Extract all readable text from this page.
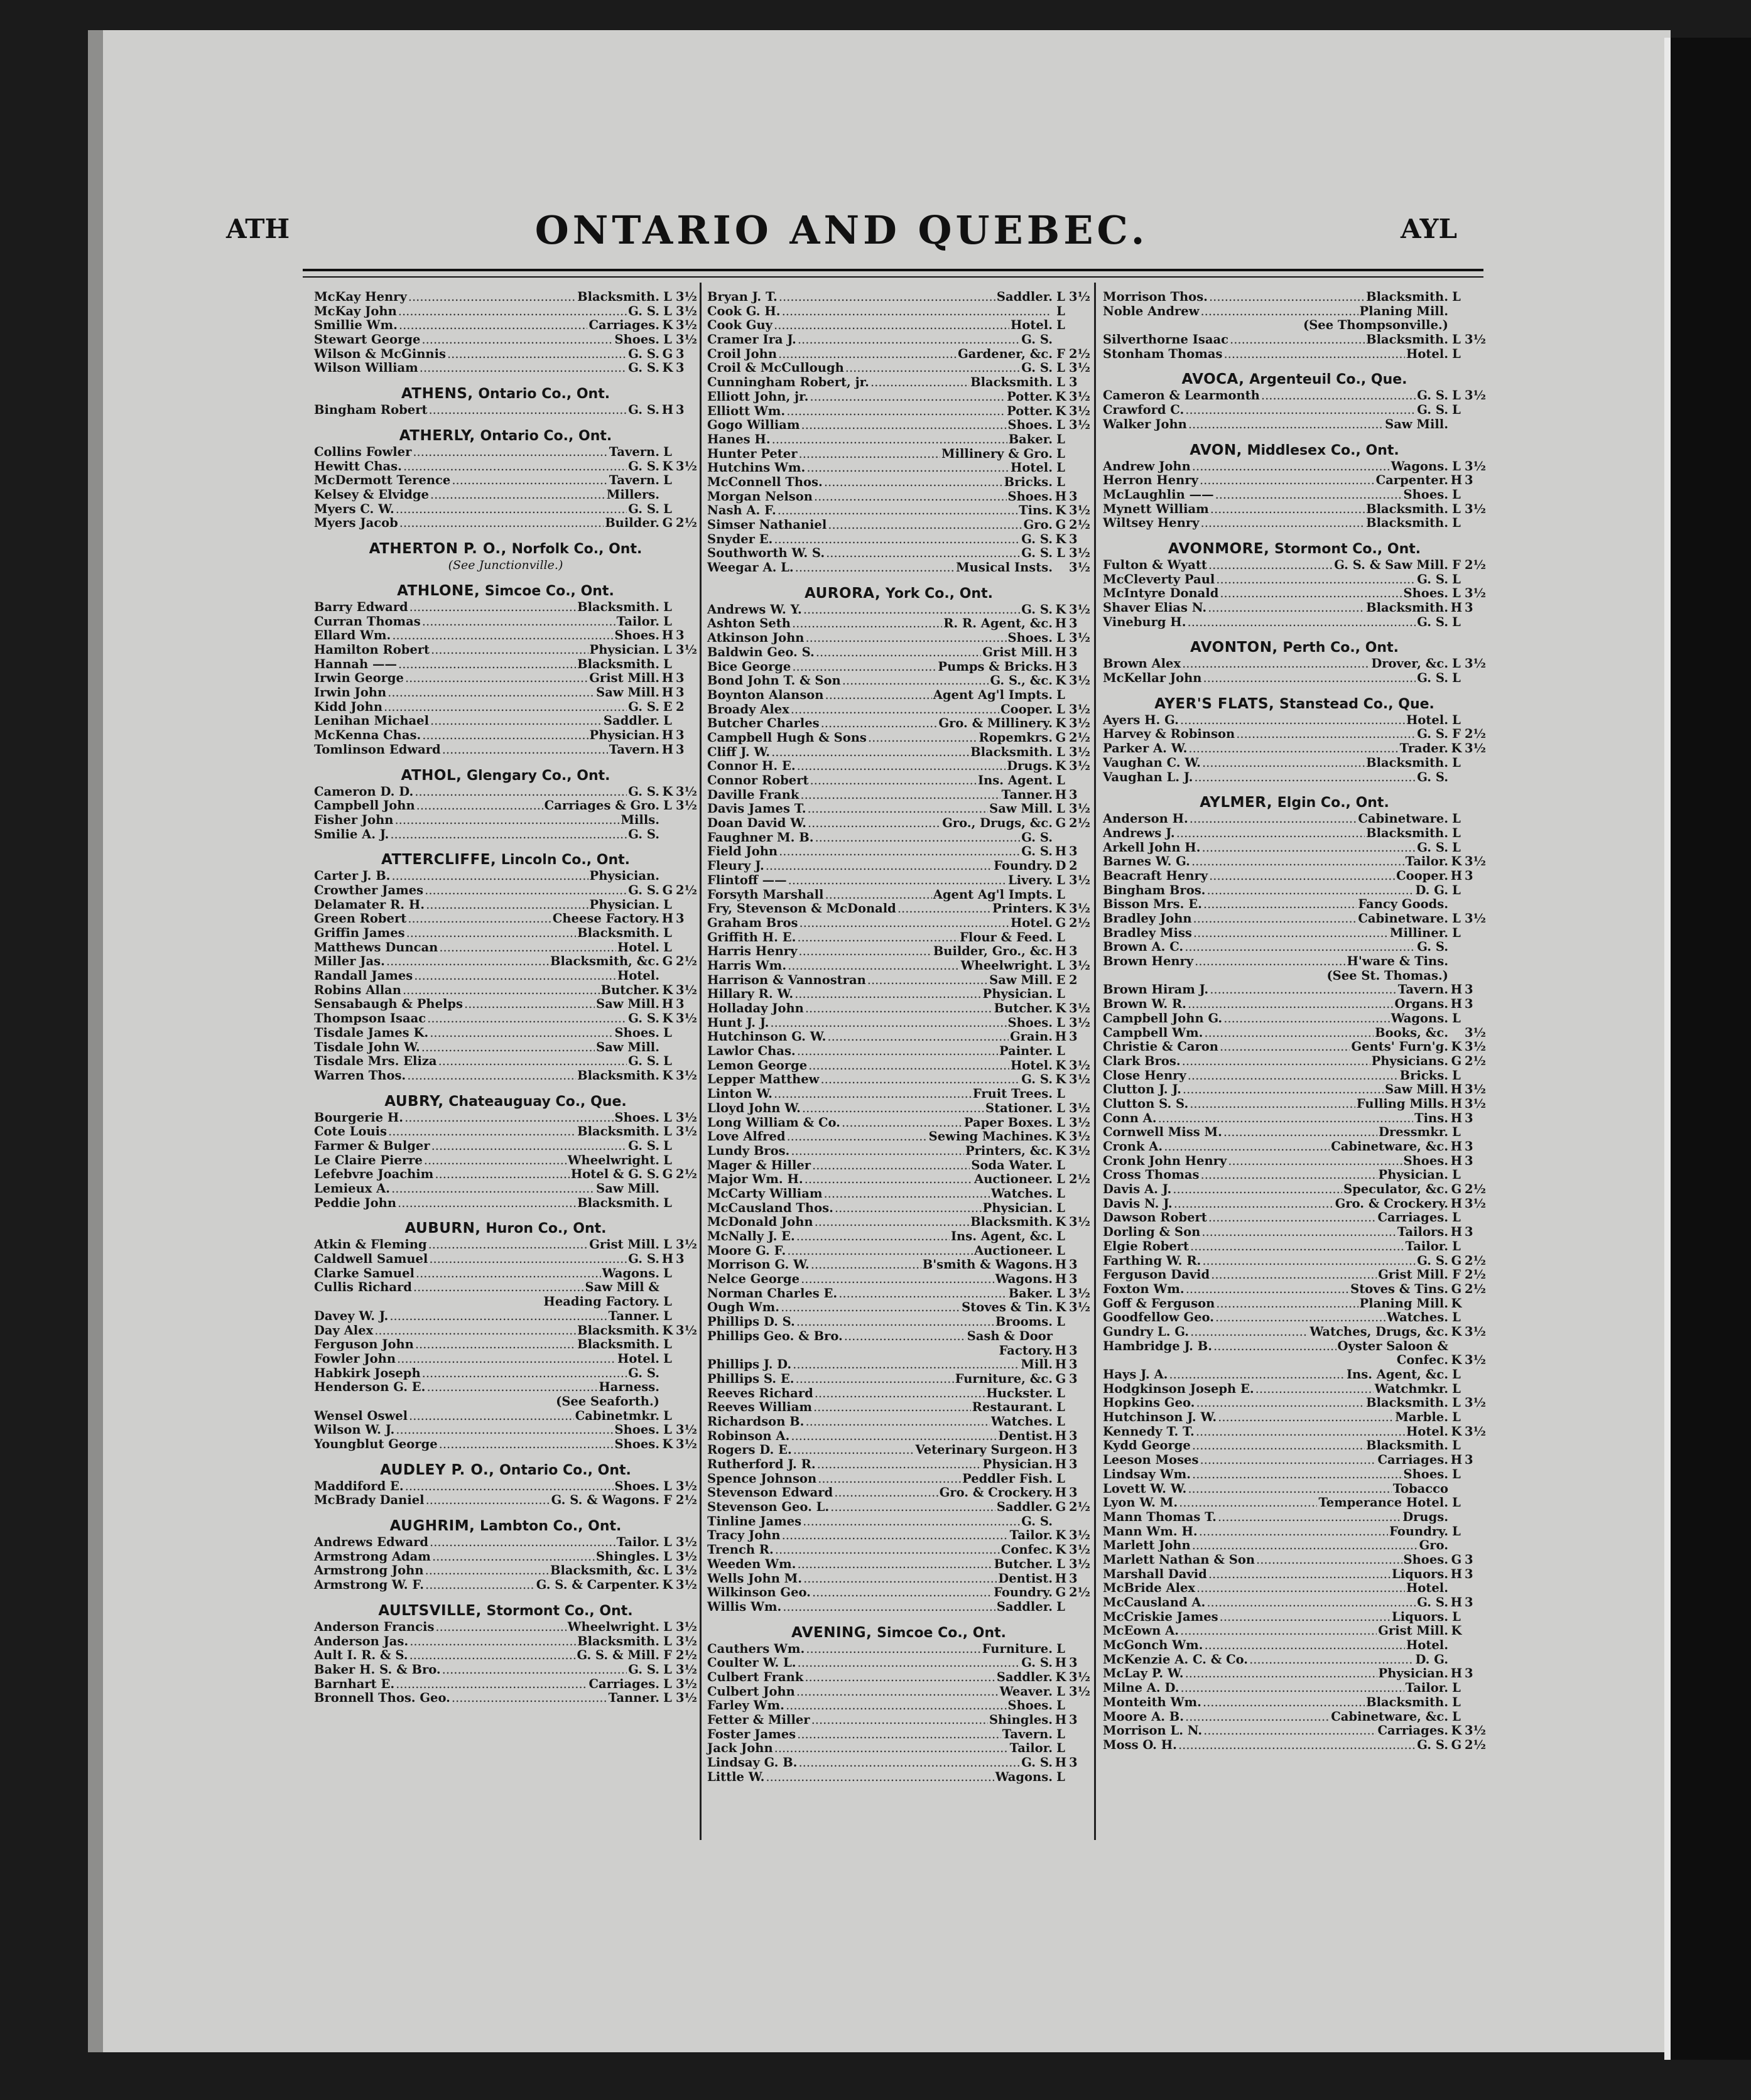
ATH	ONTARIO AND QUEBEC.	AYL
McKay Henry .....	Blacksmith. L 3½
McKay John .....	G. S. L 3½
Smillie Wm. .....	Carriages. K 3½
Stewart George .....	Shoes. L 3½
Wilson & McGinnis .....	G. S. G 3
Wilson William .....	G. S. K 3
ATHENS, Ontario Co., Ont.
Bingham Robert .....	G. S. H 3
ATHERLY, Ontario Co., Ont.
Collins Fowler .....	Tavern. L
Hewitt Chas. .....	G. S. K 3½
McDermott Terence .....	Tavern. L
Kelsey & Elvidge .....	Millers.
Myers C. W. .....	G. S. L
Myers Jacob .....	Builder. G 2½
ATHERTON P. O., Norfolk Co., Ont.
(See Junctionville.)
ATHLONE, Simcoe Co., Ont.
Barry Edward .....	Blacksmith. L
Curran Thomas .....	Tailor. L
Ellard Wm. .....	Shoes. H 3
Hamilton Robert .....	Physician. L 3½
Hannah —— .....	Blacksmith. L
Irwin George .....	Grist Mill. H 3
Irwin John .....	Saw Mill. H 3
Kidd John .....	G. S. E 2
Lenihan Michael .....	Saddler. L
McKenna Chas. .....	Physician. H 3
Tomlinson Edward .....	Tavern. H 3
ATHOL, Glengary Co., Ont.
Cameron D. D. .....	G. S. K 3½
Campbell John .....	Carriages & Gro. L 3½
Fisher John .....	Mills.
Smilie A. J. .....	G. S.
ATTERCLIFFE, Lincoln Co., Ont.
Carter J. B. .....	Physician.
Crowther James .....	G. S. G 2½
Delamater R. H. .....	Physician. L
Green Robert .....	Cheese Factory. H 3
Griffin James .....	Blacksmith. L
Matthews Duncan .....	Hotel. L
Miller Jas. .....	Blacksmith, &c. G 2½
Randall James .....	Hotel.
Robins Allan .....	Butcher. K 3½
Sensabaugh & Phelps .....	Saw Mill. H 3
Thompson Isaac .....	G. S. K 3½
Tisdale James K. .....	Shoes. L
Tisdale John W. .....	Saw Mill.
Tisdale Mrs. Eliza .....	G. S. L
Warren Thos. .....	Blacksmith. K 3½
AUBRY, Chateauguay Co., Que.
Bourgerie H. .....	Shoes. L 3½
Cote Louis .....	Blacksmith. L 3½
Farmer & Bulger .....	G. S. L
Le Claire Pierre .....	Wheelwright. L
Lefebvre Joachim .....	Hotel & G. S. G 2½
Lemieux A. .....	Saw Mill.
Peddie John .....	Blacksmith. L
AUBURN, Huron Co., Ont.
Atkin & Fleming .....	Grist Mill. L 3½
Caldwell Samuel .....	G. S. H 3
Clarke Samuel .....	Wagons. L
Cullis Richard .....	Saw Mill &
Heading Factory. L
Davey W. J. .....	Tanner. L
Day Alex .....	Blacksmith. K 3½
Ferguson John .....	Blacksmith. L
Fowler John .....	Hotel. L
Habkirk Joseph .....	G. S.
Henderson G. E. .....	Harness.
(See Seaforth.)
Wensel Oswel .....	Cabinetmkr. L
Wilson W. J. .....	Shoes. L 3½
Youngblut George .....	Shoes. K 3½
AUDLEY P. O., Ontario Co., Ont.
Maddiford E. .....	Shoes. L 3½
McBrady Daniel .....	G. S. & Wagons. F 2½
AUGHRIM, Lambton Co., Ont.
Andrews Edward .....	Tailor. L 3½
Armstrong Adam .....	Shingles. L 3½
Armstrong John .....	Blacksmith, &c. L 3½
Armstrong W. F. .....	G. S. & Carpenter. K 3½
AULTSVILLE, Stormont Co., Ont.
Anderson Francis .....	Wheelwright. L 3½
Anderson Jas. .....	Blacksmith. L 3½
Ault I. R. & S. .....	G. S. & Mill. F 2½
Baker H. S. & Bro. .....	G. S. L 3½
Barnhart E. .....	Carriages. L 3½
Bronnell Thos. Geo. .....	Tanner. L 3½
Bryan J. T. .....	Saddler. L 3½
Cook G. H. .....	L
Cook Guy .....	Hotel. L
Cramer Ira J. .....	G. S.
Croil John .....	Gardener, &c. F 2½
Croil & McCullough .....	G. S. L 3½
Cunningham Robert, jr. .....	Blacksmith. L 3
Elliott John, jr. .....	Potter. K 3½
Elliott Wm. .....	Potter. K 3½
Gogo William .....	Shoes. L 3½
Hanes H. .....	Baker. L
Hunter Peter .....	Millinery & Gro. L
Hutchins Wm. .....	Hotel. L
McConnell Thos. .....	Bricks. L
Morgan Nelson .....	Shoes. H 3
Nash A. F. .....	Tins. K 3½
Simser Nathaniel .....	Gro. G 2½
Snyder E. .....	G. S. K 3
Southworth W. S. .....	G. S. L 3½
Weegar A. L. .....	Musical Insts. 3½
AURORA, York Co., Ont.
Andrews W. Y. .....	G. S. K 3½
Ashton Seth .....	R. R. Agent, &c. H 3
Atkinson John .....	Shoes. L 3½
Baldwin Geo. S. .....	Grist Mill. H 3
Bice George .....	Pumps & Bricks. H 3
Bond John T. & Son .....	G. S., &c. K 3½
Boynton Alanson .....	Agent Ag'l Impts. L
Broady Alex .....	Cooper. L 3½
Butcher Charles .....	Gro. & Millinery. K 3½
Campbell Hugh & Sons .....	Ropemkrs. G 2½
Cliff J. W. .....	Blacksmith. L 3½
Connor H. E. .....	Drugs. K 3½
Connor Robert .....	Ins. Agent. L
Daville Frank .....	Tanner. H 3
Davis James T. .....	Saw Mill. L 3½
Doan David W. .....	Gro., Drugs, &c. G 2½
Faughner M. B. .....	G. S.
Field John .....	G. S. H 3
Fleury J. .....	Foundry. D 2
Flintoff —— .....	Livery. L 3½
Forsyth Marshall .....	Agent Ag'l Impts. L
Fry, Stevenson & McDonald .....	Printers. K 3½
Graham Bros .....	Hotel. G 2½
Griffith H. E. .....	Flour & Feed. L
Harris Henry .....	Builder, Gro., &c. H 3
Harris Wm. .....	Wheelwright. L 3½
Harrison & Vannostran .....	Saw Mill. E 2
Hillary R. W. .....	Physician. L
Holladay John .....	Butcher. K 3½
Hunt J. J. .....	Shoes. L 3½
Hutchinson G. W. .....	Grain. H 3
Lawlor Chas. .....	Painter. L
Lemon George .....	Hotel. K 3½
Lepper Matthew .....	G. S. K 3½
Linton W. .....	Fruit Trees. L
Lloyd John W. .....	Stationer. L 3½
Long William & Co. .....	Paper Boxes. L 3½
Love Alfred .....	Sewing Machines. K 3½
Lundy Bros. .....	Printers, &c. K 3½
Mager & Hiller .....	Soda Water. L
Major Wm. H. .....	Auctioneer. L 2½
McCarty William .....	Watches. L
McCausland Thos. .....	Physician. L
McDonald John .....	Blacksmith. K 3½
McNally J. E. .....	Ins. Agent, &c. L
Moore G. F. .....	Auctioneer. L
Morrison G. W. .....	B'smith & Wagons. H 3
Nelce George .....	Wagons. H 3
Norman Charles E. .....	Baker. L 3½
Ough Wm. .....	Stoves & Tin. K 3½
Phillips D. S. .....	Brooms. L
Phillips Geo. & Bro. .....	Sash & Door
Factory. H 3
Phillips J. D. .....	Mill. H 3
Phillips S. E. .....	Furniture, &c. G 3
Reeves Richard .....	Huckster. L
Reeves William .....	Restaurant. L
Richardson B. .....	Watches. L
Robinson A. .....	Dentist. H 3
Rogers D. E. .....	Veterinary Surgeon. H 3
Rutherford J. R. .....	Physician. H 3
Spence Johnson .....	Peddler Fish. L
Stevenson Edward .....	Gro. & Crockery. H 3
Stevenson Geo. L. .....	Saddler. G 2½
Tinline James .....	G. S.
Tracy John .....	Tailor. K 3½
Trench R. .....	Confec. K 3½
Weeden Wm. .....	Butcher. L 3½
Wells John M. .....	Dentist. H 3
Wilkinson Geo. .....	Foundry. G 2½
Willis Wm. .....	Saddler. L
AVENING, Simcoe Co., Ont.
Cauthers Wm. .....	Furniture. L
Coulter W. L. .....	G. S. H 3
Culbert Frank .....	Saddler. K 3½
Culbert John .....	Weaver. L 3½
Farley Wm. .....	Shoes. L
Fetter & Miller .....	Shingles. H 3
Foster James .....	Tavern. L
Jack John .....	Tailor. L
Lindsay G. B. .....	G. S. H 3
Little W. .....	Wagons. L
Morrison Thos. .....	Blacksmith. L
Noble Andrew .....	Planing Mill.
(See Thompsonville.)
Silverthorne Isaac .....	Blacksmith. L 3½
Stonham Thomas .....	Hotel. L
AVOCA, Argenteuil Co., Que.
Cameron & Learmonth .....	G. S. L 3½
Crawford C. .....	G. S. L
Walker John .....	Saw Mill.
AVON, Middlesex Co., Ont.
Andrew John .....	Wagons. L 3½
Herron Henry .....	Carpenter. H 3
McLaughlin —— .....	Shoes. L
Mynett William .....	Blacksmith. L 3½
Wiltsey Henry .....	Blacksmith. L
AVONMORE, Stormont Co., Ont.
Fulton & Wyatt .....	G. S. & Saw Mill. F 2½
McCleverty Paul .....	G. S. L
McIntyre Donald .....	Shoes. L 3½
Shaver Elias N. .....	Blacksmith. H 3
Vineburg H. .....	G. S. L
AVONTON, Perth Co., Ont.
Brown Alex .....	Drover, &c. L 3½
McKellar John .....	G. S. L
AYER'S FLATS, Stanstead Co., Que.
Ayers H. G. .....	Hotel. L
Harvey & Robinson .....	G. S. F 2½
Parker A. W. .....	Trader. K 3½
Vaughan C. W. .....	Blacksmith. L
Vaughan L. J. .....	G. S.
AYLMER, Elgin Co., Ont.
Anderson H. .....	Cabinetware. L
Andrews J. .....	Blacksmith. L
Arkell John H. .....	G. S. L
Barnes W. G. .....	Tailor. K 3½
Beacraft Henry .....	Cooper. H 3
Bingham Bros. .....	D. G. L
Bisson Mrs. E. .....	Fancy Goods.
Bradley John .....	Cabinetware. L 3½
Bradley Miss .....	Milliner. L
Brown A. C. .....	G. S.
Brown Henry .....	H'ware & Tins.
(See St. Thomas.)
Brown Hiram J. .....	Tavern. H 3
Brown W. R. .....	Organs. H 3
Campbell John G. .....	Wagons. L
Campbell Wm. .....	Books, &c. 3½
Christie & Caron .....	Gents' Furn'g. K 3½
Clark Bros. .....	Physicians. G 2½
Close Henry .....	Bricks. L
Clutton J. J. .....	Saw Mill. H 3½
Clutton S. S. .....	Fulling Mills. H 3½
Conn A. .....	Tins. H 3
Cornwell Miss M. .....	Dressmkr. L
Cronk A. .....	Cabinetware, &c. H 3
Cronk John Henry .....	Shoes. H 3
Cross Thomas .....	Physician. L
Davis A. J. .....	Speculator, &c. G 2½
Davis N. J. .....	Gro. & Crockery. H 3½
Dawson Robert .....	Carriages. L
Dorling & Son .....	Tailors. H 3
Elgie Robert .....	Tailor. L
Farthing W. R. .....	G. S. G 2½
Ferguson David .....	Grist Mill. F 2½
Foxton Wm. .....	Stoves & Tins. G 2½
Goff & Ferguson .....	Planing Mill. K
Goodfellow Geo. .....	Watches. L
Gundry L. G. .....	Watches, Drugs, &c. K 3½
Hambridge J. B. .....	Oyster Saloon &
Confec. K 3½
Hays J. A. .....	Ins. Agent, &c. L
Hodgkinson Joseph E. .....	Watchmkr. L
Hopkins Geo. .....	Blacksmith. L 3½
Hutchinson J. W. .....	Marble. L
Kennedy T. T. .....	Hotel. K 3½
Kydd George .....	Blacksmith. L
Leeson Moses .....	Carriages. H 3
Lindsay Wm. .....	Shoes. L
Lovett W. W. .....	Tobacco
Lyon W. M. .....	Temperance Hotel. L
Mann Thomas T. .....	Drugs.
Mann Wm. H. .....	Foundry. L
Marlett John .....	Gro.
Marlett Nathan & Son .....	Shoes. G 3
Marshall David .....	Liquors. H 3
McBride Alex .....	Hotel.
McCausland A. .....	G. S. H 3
McCriskie James .....	Liquors. L
McEown A. .....	Grist Mill. K
McGonch Wm. .....	Hotel.
McKenzie A. C. & Co. .....	D. G.
McLay P. W. .....	Physician. H 3
Milne A. D. .....	Tailor. L
Monteith Wm. .....	Blacksmith. L
Moore A. B. .....	Cabinetware, &c. L
Morrison L. N. .....	Carriages. K 3½
Moss O. H. .....	G. S. G 2½
